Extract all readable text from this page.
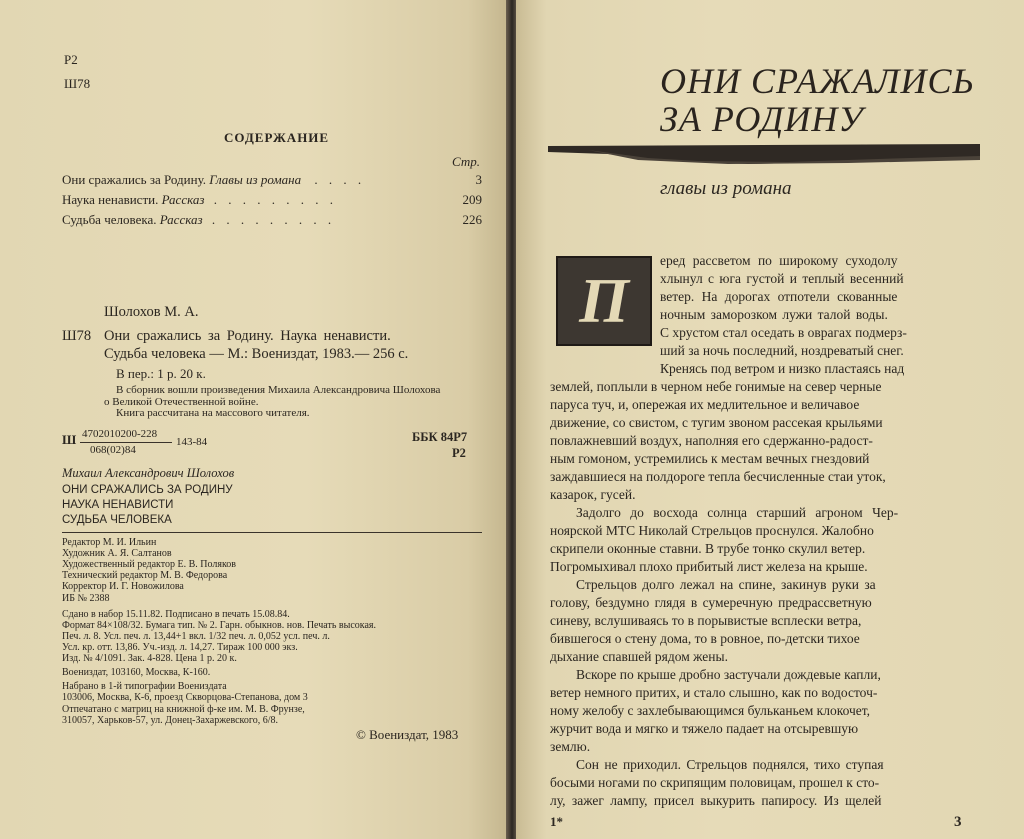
Р2
Ш78
СОДЕРЖАНИЕ
Стр.
Они сражались за Родину. Главы из романа . . . .	3
Наука ненависти. Рассказ . . . . . . . . .	209
Судьба человека. Рассказ . . . . . . . . .	226
Шолохов М. А.
Ш78 Они сражались за Родину. Наука ненависти.
Судьба человека — М.: Воениздат, 1983.— 256 с.
В пер.: 1 р. 20 к.
В сборник вошли произведения Михаила Александровича Шолохова
о Великой Отечественной войне.
Книга рассчитана на массового читателя.
Ш 4702010200-228
068(02)84
143-84	ББК 84Р7
Р2
Михаил Александрович Шолохов
ОНИ СРАЖАЛИСЬ ЗА РОДИНУ
НАУКА НЕНАВИСТИ
СУДЬБА ЧЕЛОВЕКА
Редактор М. И. Ильин
Художник А. Я. Салтанов
Художественный редактор Е. В. Поляков
Технический редактор М. В. Федорова
Корректор И. Г. Новожилова
ИБ № 2388
Сдано в набор 15.11.82. Подписано в печать 15.08.84.
Формат 84×108/32. Бумага тип. № 2. Гарн. обыкнов. нов. Печать высокая.
Печ. л. 8. Усл. печ. л. 13,44+1 вкл. 1/32 печ. л. 0,052 усл. печ. л.
Усл. кр. отт. 13,86. Уч.-изд. л. 14,27. Тираж 100 000 экз.
Изд. № 4/1091. Зак. 4-828. Цена 1 р. 20 к.
Воениздат, 103160, Москва, К-160.
Набрано в 1-й типографии Воениздата
103006, Москва, К-6, проезд Скворцова-Степанова, дом 3
Отпечатано с матриц на книжной ф-ке им. М. В. Фрунзе,
310057, Харьков-57, ул. Донец-Захаржевского, 6/8.
© Воениздат, 1983
ОНИ СРАЖАЛИСЬ
ЗА РОДИНУ
главы из романа
П
еред рассветом по широкому суходолу
хлынул с юга густой и теплый весенний
ветер. На дорогах отпотели скованные
ночным заморозком лужи талой воды.
С хрустом стал оседать в оврагах подмерз-
ший за ночь последний, ноздреватый снег.
Кренясь под ветром и низко пластаясь над
землей, поплыли в черном небе гонимые на север черные
паруса туч, и, опережая их медлительное и величавое
движение, со свистом, с тугим звоном рассекая крыльями
повлажневший воздух, наполняя его сдержанно-радост-
ным гомоном, устремились к местам вечных гнездовий
заждавшиеся на полдороге тепла бесчисленные стаи уток,
казарок, гусей.
Задолго до восхода солнца старший агроном Чер-
ноярской МТС Николай Стрельцов проснулся. Жалобно
скрипели оконные ставни. В трубе тонко скулил ветер.
Погромыхивал плохо прибитый лист железа на крыше.
Стрельцов долго лежал на спине, закинув руки за
голову, бездумно глядя в сумеречную предрассветную
синеву, вслушиваясь то в порывистые всплески ветра,
бившегося о стену дома, то в ровное, по-детски тихое
дыхание спавшей рядом жены.
Вскоре по крыше дробно застучали дождевые капли,
ветер немного притих, и стало слышно, как по водосточ-
ному желобу с захлебывающимся бульканьем клокочет,
журчит вода и мягко и тяжело падает на отсыревшую
землю.
Сон не приходил. Стрельцов поднялся, тихо ступая
босыми ногами по скрипящим половицам, прошел к сто-
лу, зажег лампу, присел выкурить папиросу. Из щелей
1*	3
